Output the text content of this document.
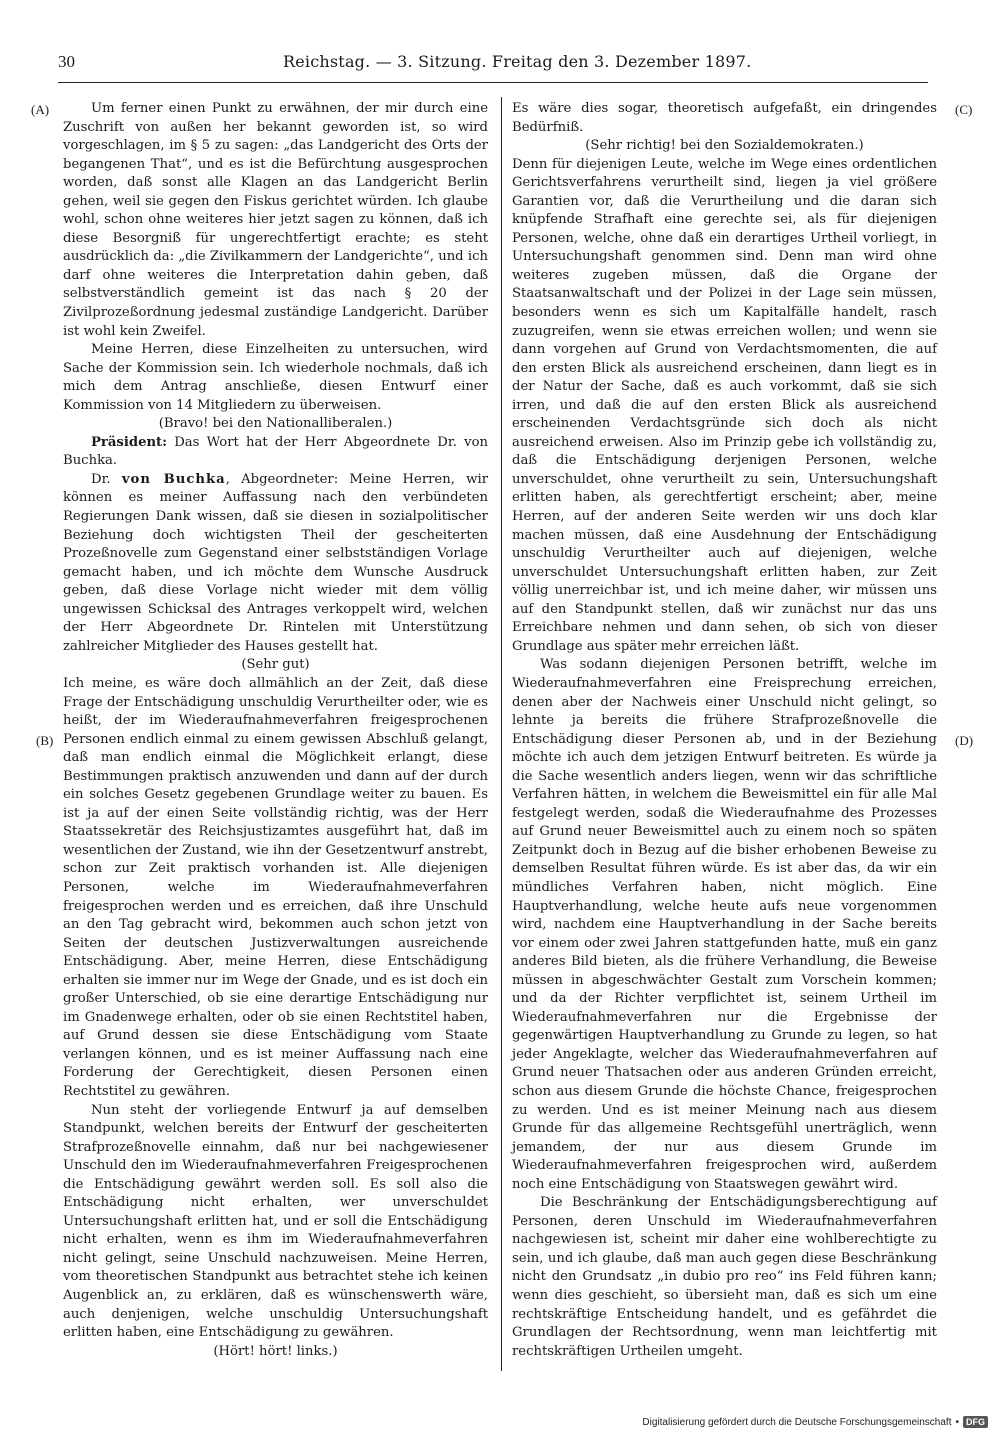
30	Reichstag. — 3. Sitzung. Freitag den 3. Dezember 1897.
(A)
(B)
(C)
(D)

Um ferner einen Punkt zu erwähnen, der mir durch eine Zuschrift von außen her bekannt geworden ist, so wird vorgeschlagen, im § 5 zu sagen: „das Landgericht des Orts der begangenen That“, und es ist die Befürchtung ausgesprochen worden, daß sonst alle Klagen an das Landgericht Berlin gehen, weil sie gegen den Fiskus gerichtet würden. Ich glaube wohl, schon ohne weiteres hier jetzt sagen zu können, daß ich diese Besorgniß für ungerechtfertigt erachte; es steht ausdrücklich da: „die Zivilkammern der Landgerichte“, und ich darf ohne weiteres die Interpretation dahin geben, daß selbstverständlich gemeint ist das nach § 20 der Zivilprozeßordnung jedesmal zuständige Landgericht. Darüber ist wohl kein Zweifel.

Meine Herren, diese Einzelheiten zu untersuchen, wird Sache der Kommission sein. Ich wiederhole nochmals, daß ich mich dem Antrag anschließe, diesen Entwurf einer Kommission von 14 Mitgliedern zu überweisen.

(Bravo! bei den Nationalliberalen.)

Präsident: Das Wort hat der Herr Abgeordnete Dr. von Buchka.

Dr. von Buchka, Abgeordneter: Meine Herren, wir können es meiner Auffassung nach den verbündeten Regierungen Dank wissen, daß sie diesen in sozialpolitischer Beziehung doch wichtigsten Theil der gescheiterten Prozeßnovelle zum Gegenstand einer selbstständigen Vorlage gemacht haben, und ich möchte dem Wunsche Ausdruck geben, daß diese Vorlage nicht wieder mit dem völlig ungewissen Schicksal des Antrages verkoppelt wird, welchen der Herr Abgeordnete Dr. Rintelen mit Unterstützung zahlreicher Mitglieder des Hauses gestellt hat.

(Sehr gut)

Ich meine, es wäre doch allmählich an der Zeit, daß diese Frage der Entschädigung unschuldig Verurtheilter oder, wie es heißt, der im Wiederaufnahmeverfahren freigesprochenen Personen endlich einmal zu einem gewissen Abschluß gelangt, daß man endlich einmal die Möglichkeit erlangt, diese Bestimmungen praktisch anzuwenden und dann auf der durch ein solches Gesetz gegebenen Grundlage weiter zu bauen. Es ist ja auf der einen Seite vollständig richtig, was der Herr Staatssekretär des Reichsjustizamtes ausgeführt hat, daß im wesentlichen der Zustand, wie ihn der Gesetzentwurf anstrebt, schon zur Zeit praktisch vorhanden ist. Alle diejenigen Personen, welche im Wiederaufnahmeverfahren freigesprochen werden und es erreichen, daß ihre Unschuld an den Tag gebracht wird, bekommen auch schon jetzt von Seiten der deutschen Justizverwaltungen ausreichende Entschädigung. Aber, meine Herren, diese Entschädigung erhalten sie immer nur im Wege der Gnade, und es ist doch ein großer Unterschied, ob sie eine derartige Entschädigung nur im Gnadenwege erhalten, oder ob sie einen Rechtstitel haben, auf Grund dessen sie diese Entschädigung vom Staate verlangen können, und es ist meiner Auffassung nach eine Forderung der Gerechtigkeit, diesen Personen einen Rechtstitel zu gewähren.

Nun steht der vorliegende Entwurf ja auf demselben Standpunkt, welchen bereits der Entwurf der gescheiterten Strafprozeßnovelle einnahm, daß nur bei nachgewiesener Unschuld den im Wiederaufnahmeverfahren Freigesprochenen die Entschädigung gewährt werden soll. Es soll also die Entschädigung nicht erhalten, wer unverschuldet Untersuchungshaft erlitten hat, und er soll die Entschädigung nicht erhalten, wenn es ihm im Wiederaufnahmeverfahren nicht gelingt, seine Unschuld nachzuweisen. Meine Herren, vom theoretischen Standpunkt aus betrachtet stehe ich keinen Augenblick an, zu erklären, daß es wünschenswerth wäre, auch denjenigen, welche unschuldig Untersuchungshaft erlitten haben, eine Entschädigung zu gewähren.

(Hört! hört! links.)

Es wäre dies sogar, theoretisch aufgefaßt, ein dringendes Bedürfniß.

(Sehr richtig! bei den Sozialdemokraten.)

Denn für diejenigen Leute, welche im Wege eines ordentlichen Gerichtsverfahrens verurtheilt sind, liegen ja viel größere Garantien vor, daß die Verurtheilung und die daran sich knüpfende Strafhaft eine gerechte sei, als für diejenigen Personen, welche, ohne daß ein derartiges Urtheil vorliegt, in Untersuchungshaft genommen sind. Denn man wird ohne weiteres zugeben müssen, daß die Organe der Staatsanwaltschaft und der Polizei in der Lage sein müssen, besonders wenn es sich um Kapitalfälle handelt, rasch zuzugreifen, wenn sie etwas erreichen wollen; und wenn sie dann vorgehen auf Grund von Verdachtsmomenten, die auf den ersten Blick als ausreichend erscheinen, dann liegt es in der Natur der Sache, daß es auch vorkommt, daß sie sich irren, und daß die auf den ersten Blick als ausreichend erscheinenden Verdachtsgründe sich doch als nicht ausreichend erweisen. Also im Prinzip gebe ich vollständig zu, daß die Entschädigung derjenigen Personen, welche unverschuldet, ohne verurtheilt zu sein, Untersuchungshaft erlitten haben, als gerechtfertigt erscheint; aber, meine Herren, auf der anderen Seite werden wir uns doch klar machen müssen, daß eine Ausdehnung der Entschädigung unschuldig Verurtheilter auch auf diejenigen, welche unverschuldet Untersuchungshaft erlitten haben, zur Zeit völlig unerreichbar ist, und ich meine daher, wir müssen uns auf den Standpunkt stellen, daß wir zunächst nur das uns Erreichbare nehmen und dann sehen, ob sich von dieser Grundlage aus später mehr erreichen läßt.

Was sodann diejenigen Personen betrifft, welche im Wiederaufnahmeverfahren eine Freisprechung erreichen, denen aber der Nachweis einer Unschuld nicht gelingt, so lehnte ja bereits die frühere Strafprozeßnovelle die Entschädigung dieser Personen ab, und in der Beziehung möchte ich auch dem jetzigen Entwurf beitreten. Es würde ja die Sache wesentlich anders liegen, wenn wir das schriftliche Verfahren hätten, in welchem die Beweismittel ein für alle Mal festgelegt werden, sodaß die Wiederaufnahme des Prozesses auf Grund neuer Beweismittel auch zu einem noch so späten Zeitpunkt doch in Bezug auf die bisher erhobenen Beweise zu demselben Resultat führen würde. Es ist aber das, da wir ein mündliches Verfahren haben, nicht möglich. Eine Hauptverhandlung, welche heute aufs neue vorgenommen wird, nachdem eine Hauptverhandlung in der Sache bereits vor einem oder zwei Jahren stattgefunden hatte, muß ein ganz anderes Bild bieten, als die frühere Verhandlung, die Beweise müssen in abgeschwächter Gestalt zum Vorschein kommen; und da der Richter verpflichtet ist, seinem Urtheil im Wiederaufnahmeverfahren nur die Ergebnisse der gegenwärtigen Hauptverhandlung zu Grunde zu legen, so hat jeder Angeklagte, welcher das Wiederaufnahmeverfahren auf Grund neuer Thatsachen oder aus anderen Gründen erreicht, schon aus diesem Grunde die höchste Chance, freigesprochen zu werden. Und es ist meiner Meinung nach aus diesem Grunde für das allgemeine Rechtsgefühl unerträglich, wenn jemandem, der nur aus diesem Grunde im Wiederaufnahmeverfahren freigesprochen wird, außerdem noch eine Entschädigung von Staatswegen gewährt wird.

Die Beschränkung der Entschädigungsberechtigung auf Personen, deren Unschuld im Wiederaufnahmeverfahren nachgewiesen ist, scheint mir daher eine wohlberechtigte zu sein, und ich glaube, daß man auch gegen diese Beschränkung nicht den Grundsatz „in dubio pro reo“ ins Feld führen kann; wenn dies geschieht, so übersieht man, daß es sich um eine rechtskräftige Entscheidung handelt, und es gefährdet die Grundlagen der Rechtsordnung, wenn man leichtfertig mit rechtskräftigen Urtheilen umgeht.

Digitalisierung gefördert durch die Deutsche Forschungsgemeinschaft • DFG
